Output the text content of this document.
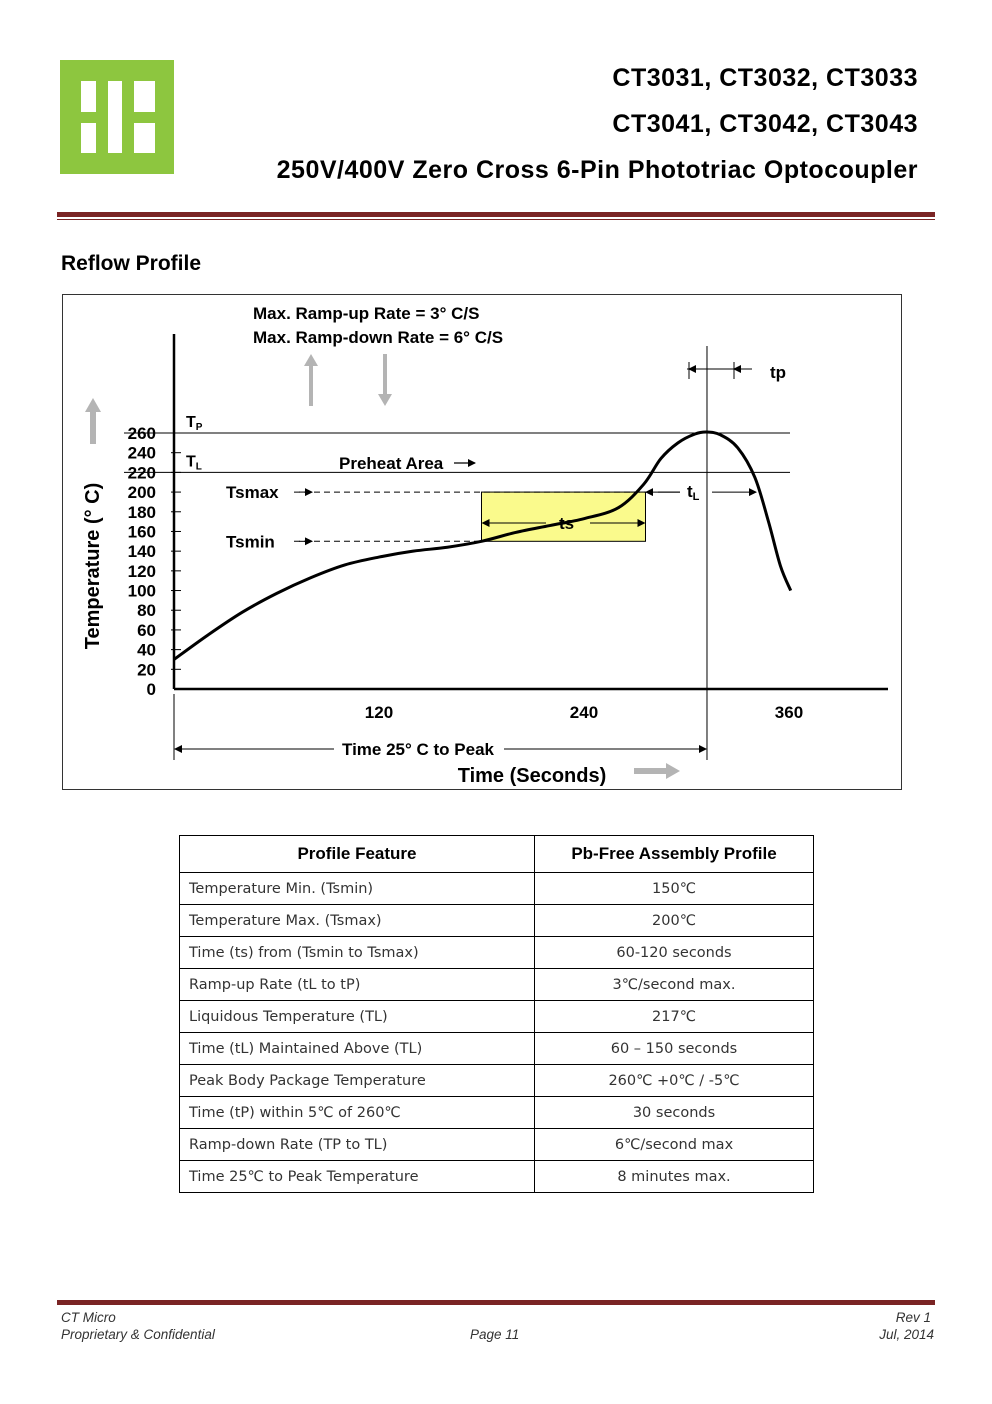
CT3031, CT3032, CT3033
CT3041, CT3042, CT3043
250V/400V Zero Cross 6-Pin Phototriac Optocoupler
Reflow Profile
TP
TL
Tsmax
Tsmin
Preheat Area
ts
tL
tp
Max. Ramp-up Rate = 3° C/S
Max. Ramp-down Rate = 6° C/S
Time 25° C to Peak
0
20
40
60
80
100
120
140
160
180
200
220
240
260
120	240	360
Time (Seconds)
Temperature (° C)
Profile Feature	Pb-Free Assembly Profile
Temperature Min. (Tsmin)	150℃
Temperature Max. (Tsmax)	200℃
Time (ts) from (Tsmin to Tsmax)	60-120 seconds
Ramp-up Rate (tL to tP)	3℃/second max.
Liquidous Temperature (TL)	217℃
Time (tL) Maintained Above (TL)	60 – 150 seconds
Peak Body Package Temperature	260℃ +0℃ / -5℃
Time (tP) within 5℃ of 260℃	30 seconds
Ramp-down Rate (TP to TL)	6℃/second max
Time 25℃ to Peak Temperature	8 minutes max.
CT Micro
Proprietary & Confidential	Page 11
Rev 1
Jul, 2014
